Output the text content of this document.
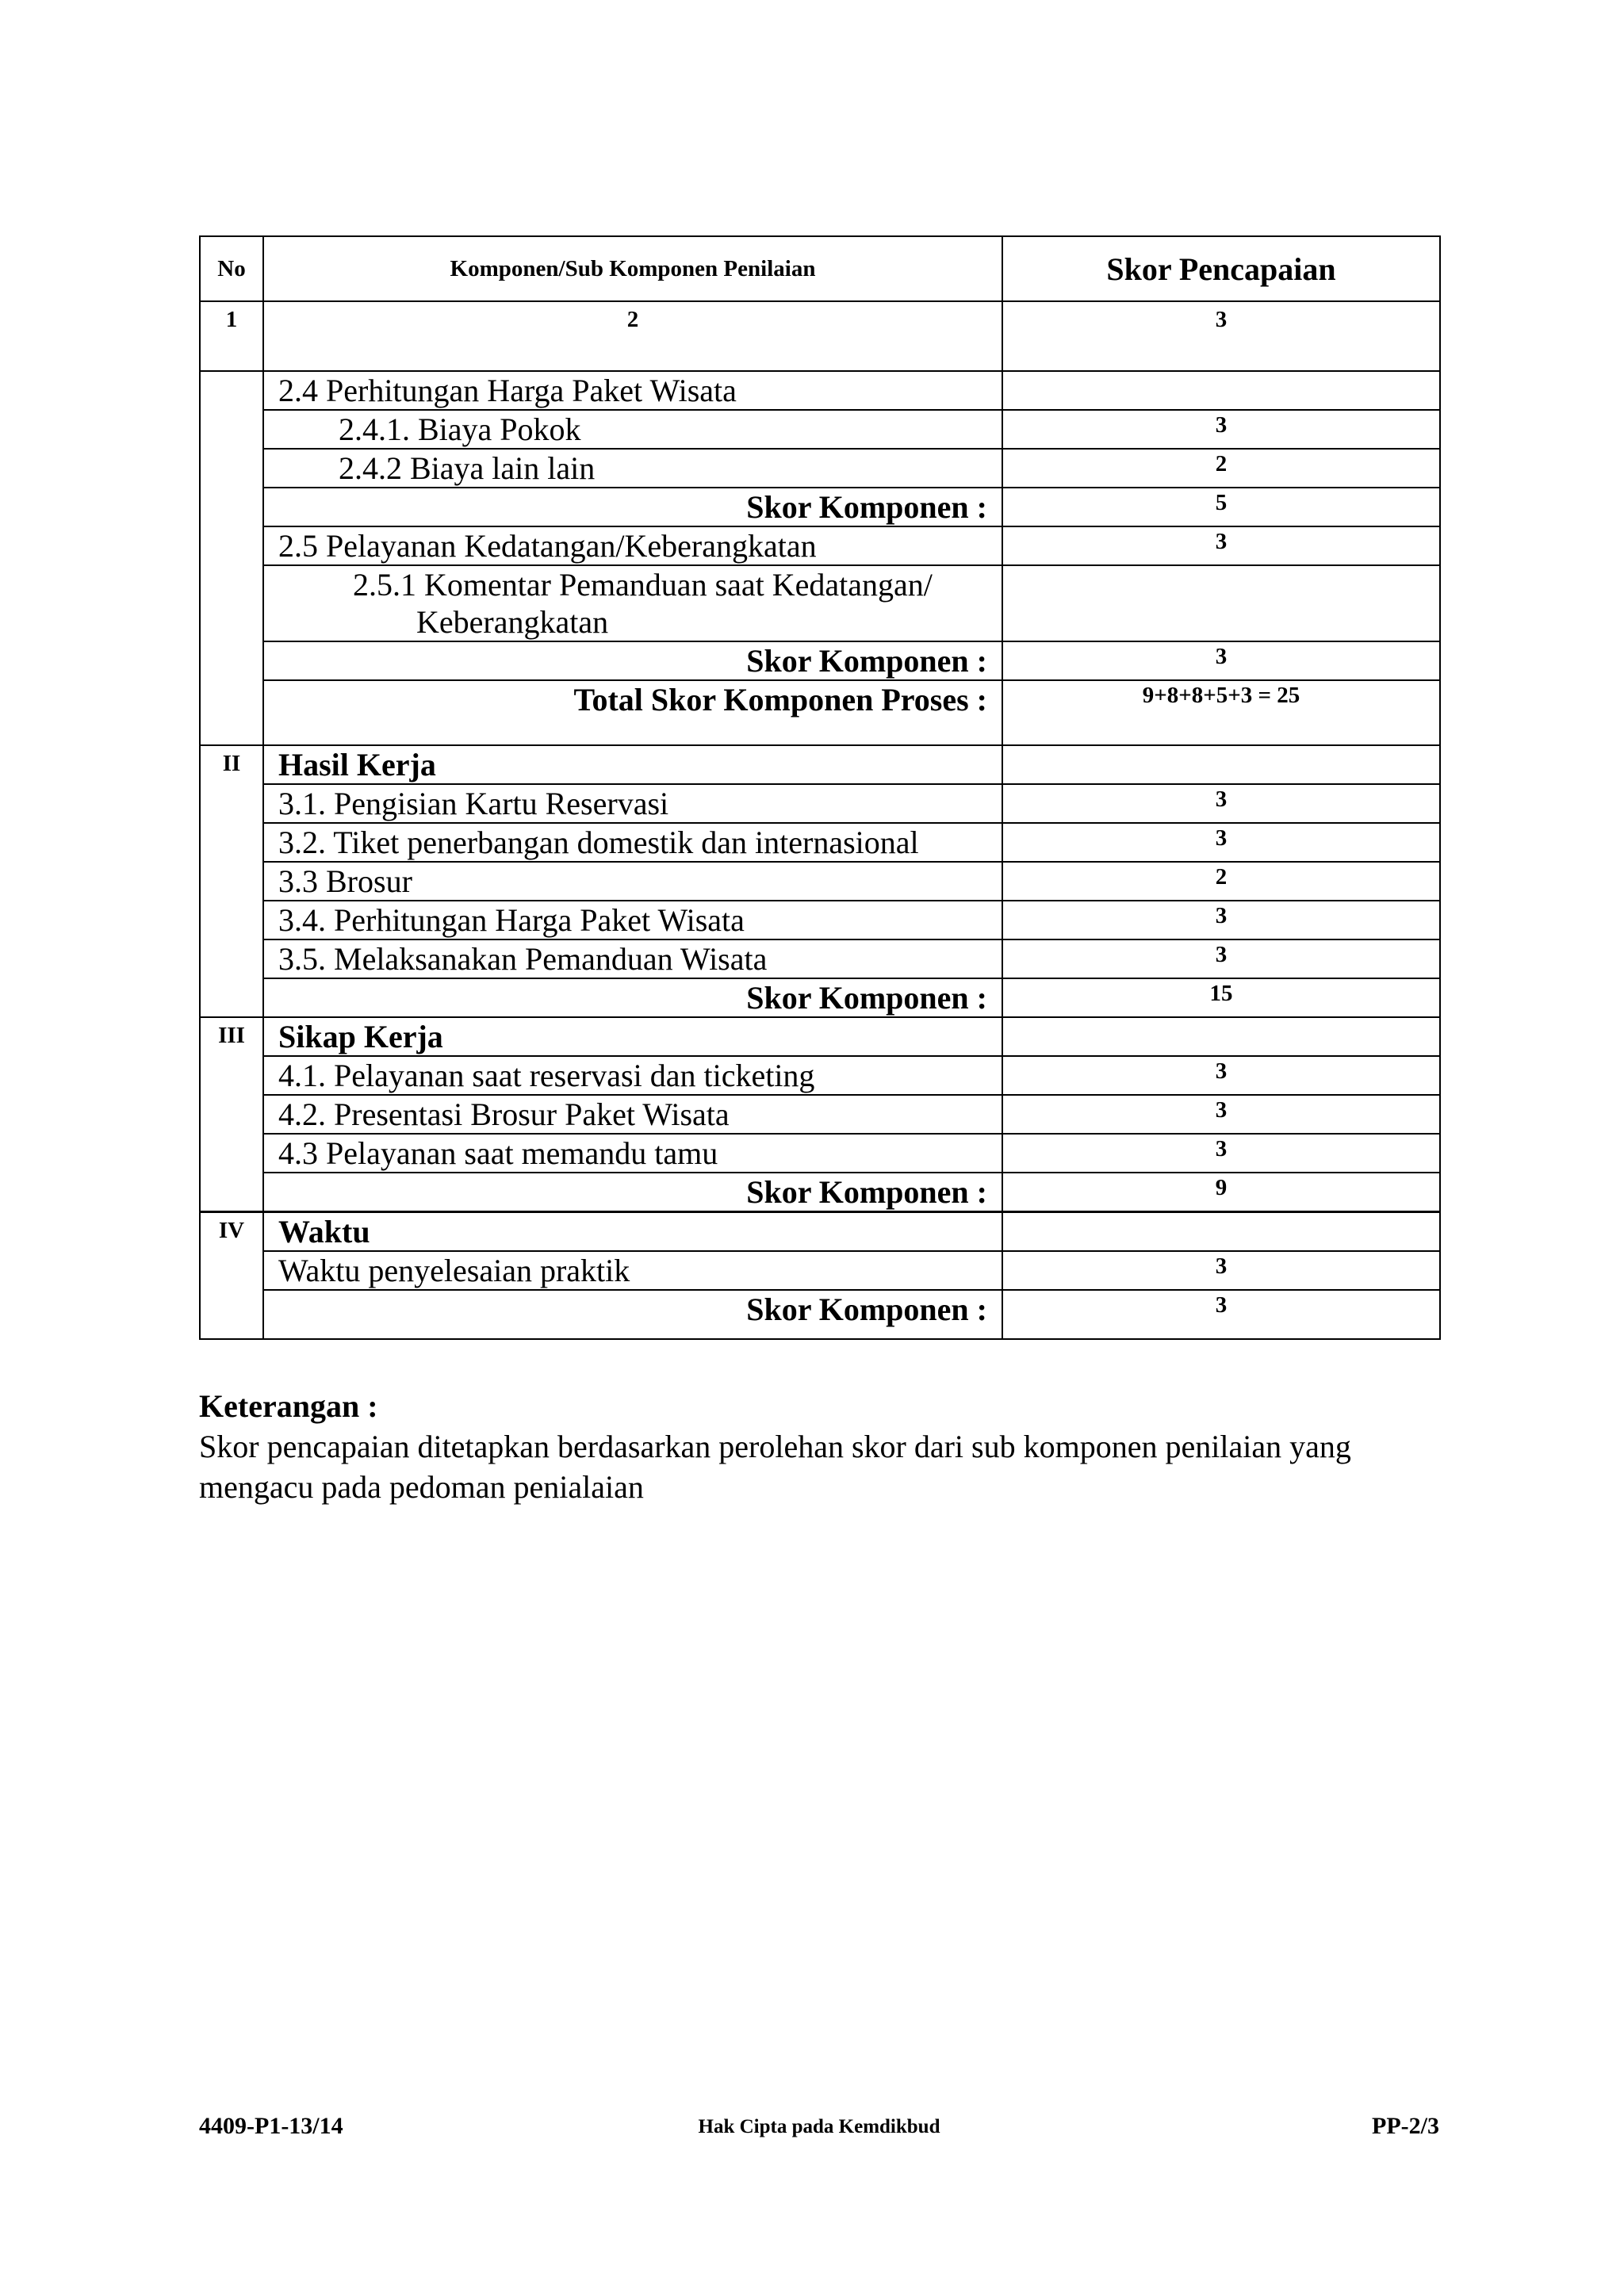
No	Komponen/Sub Komponen Penilaian	Skor Pencapaian
1	2	3
	2.4 Perhitungan Harga Paket Wisata	
	2.4.1. Biaya Pokok	3
	2.4.2 Biaya lain lain	2
	Skor Komponen :	5
	2.5 Pelayanan Kedatangan/Keberangkatan	3

	2.5.1 Komentar Pemanduan saat Kedatangan/
Keberangkatan	

	Skor Komponen :	3
	Total Skor Komponen Proses :	9+8+8+5+3 = 25
II	Hasil Kerja	
	3.1. Pengisian Kartu Reservasi	3
	3.2. Tiket penerbangan domestik dan internasional	3
	3.3 Brosur	2
	3.4. Perhitungan Harga Paket Wisata	3
	3.5. Melaksanakan Pemanduan Wisata	3
	Skor Komponen :	15
III	Sikap Kerja	
	4.1. Pelayanan saat reservasi dan ticketing	3
	4.2. Presentasi Brosur Paket Wisata	3
	4.3 Pelayanan saat memandu tamu	3
	Skor Komponen :	9
IV	Waktu	
	Waktu penyelesaian praktik	3
	Skor Komponen :	3
Keterangan :
Skor pencapaian ditetapkan berdasarkan perolehan skor dari sub komponen penilaian yang
mengacu pada pedoman penialaian
4409-P1-13/14	Hak Cipta pada Kemdikbud	PP-2/3
